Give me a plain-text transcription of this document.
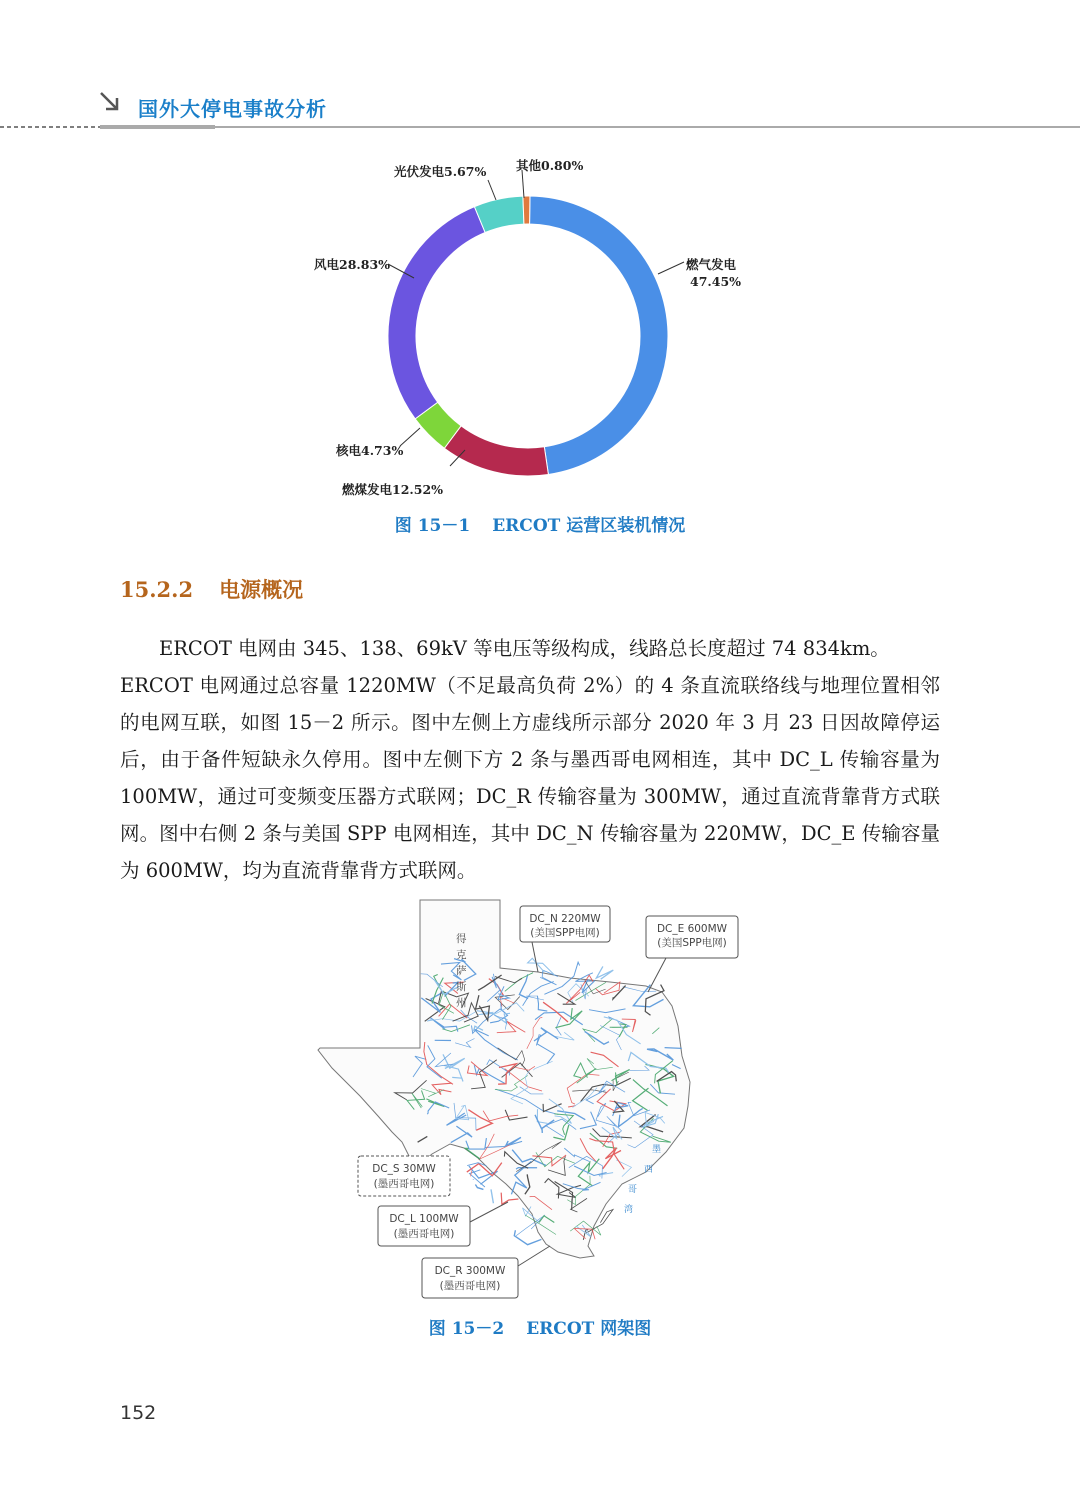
国外大停电事故分析
燃气发电
47.45%
燃煤发电12.52%
核电4.73%
风电28.83%
光伏发电5.67% 其他0.80%
图 15－1 ERCOT 运营区装机情况
15.2.2 电源概况

ERCOT 电网由 345、138、69kV 等电压等级构成，线路总长度超过 74 834km。

ERCOT 电网通过总容量 1220MW（不足最高负荷 2%）的 4 条直流联络线与地理位置相邻的电网互联，如图 15－2 所示。图中左侧上方虚线所示部分 2020 年 3 月 23 日因故障停运后，由于备件短缺永久停用。图中左侧下方 2 条与墨西哥电网相连，其中 DC_L 传输容量为 100MW，通过可变频变压器方式联网；DC_R 传输容量为 300MW，通过直流背靠背方式联网。图中右侧 2 条与美国 SPP 电网相连，其中 DC_N 传输容量为 220MW，DC_E 传输容量为 600MW，均为直流背靠背方式联网。

得
克
萨
斯
州
墨
西
哥
湾
DC_N 220MW
(美国SPP电网)	DC_E 600MW
(美国SPP电网)
DC_S 30MW
(墨西哥电网)
DC_L 100MW
(墨西哥电网)
DC_R 300MW
(墨西哥电网)
图 15－2 ERCOT 网架图
152
